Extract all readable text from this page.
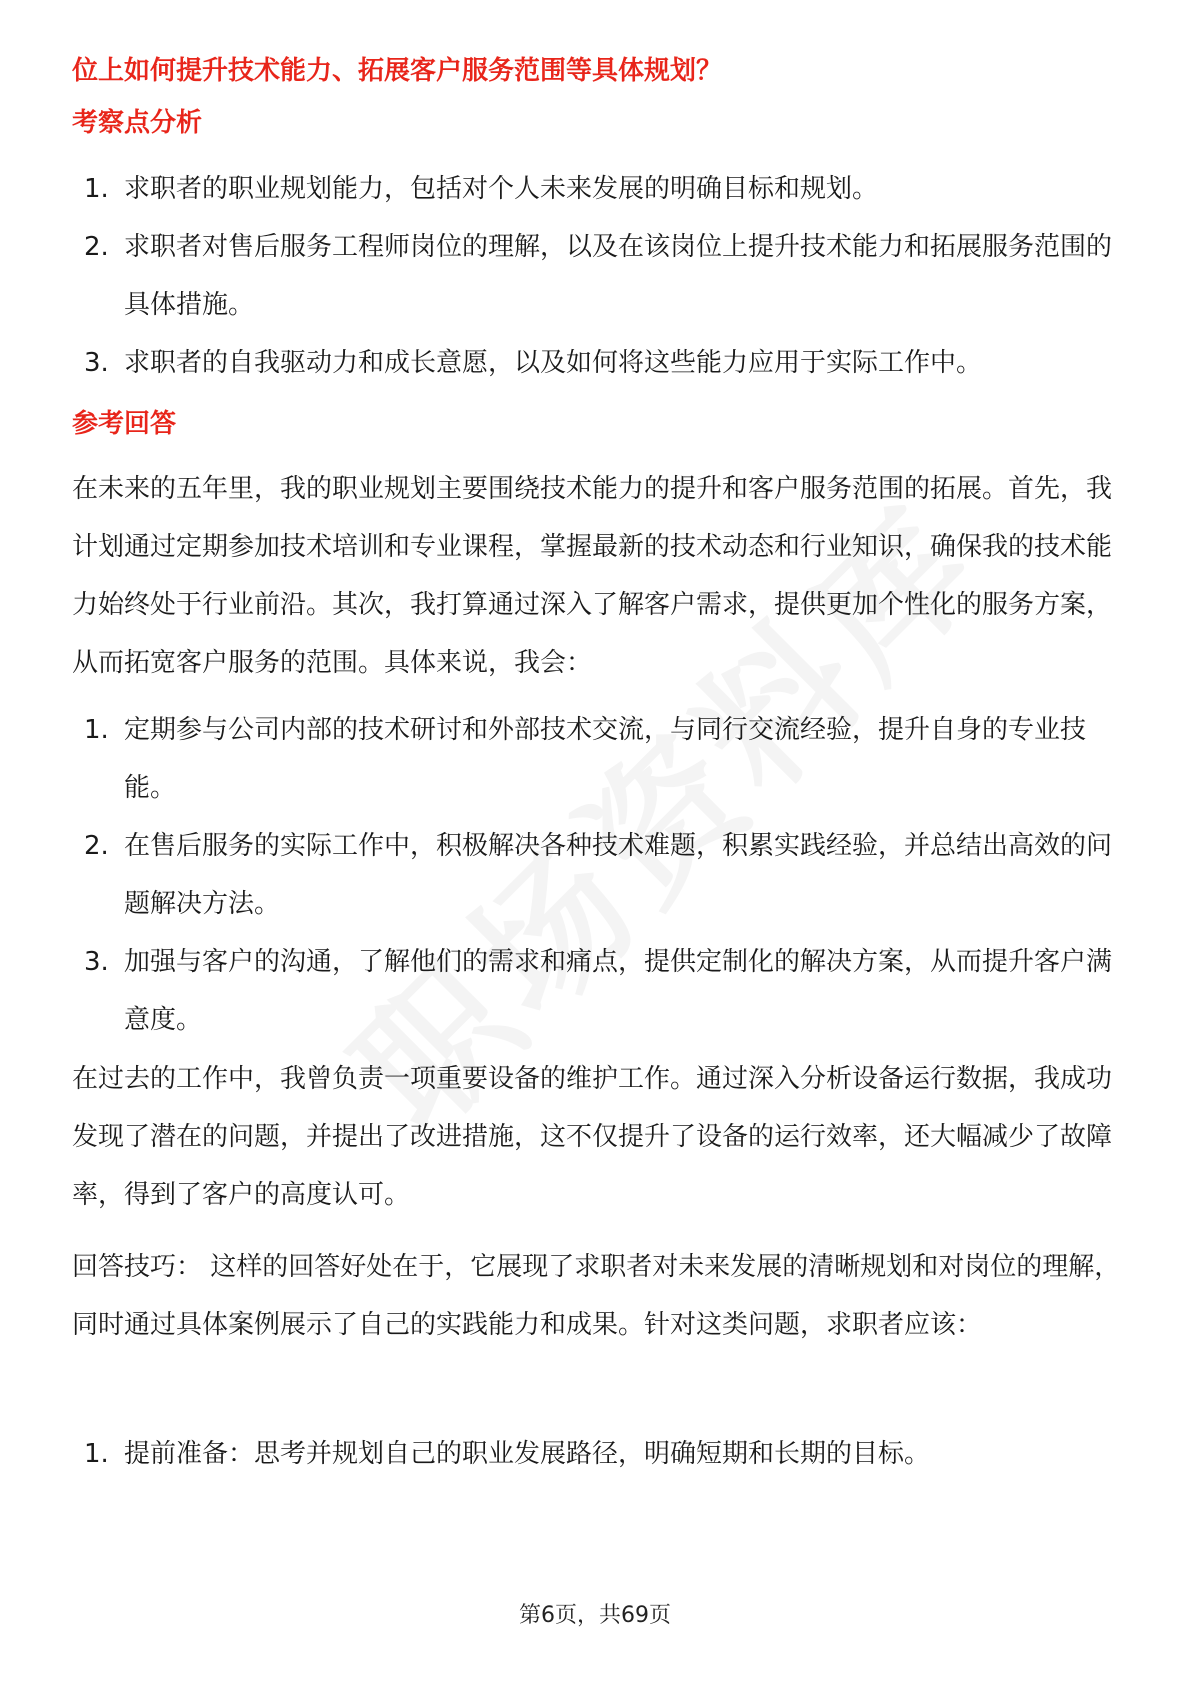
位上如何提升技术能力、拓展客户服务范围等具体规划？
考察点分析
1. 求职者的职业规划能力，包括对个人未来发展的明确目标和规划。
2. 求职者对售后服务工程师岗位的理解，以及在该岗位上提升技术能力和拓展服务范围的具体措施。
3. 求职者的自我驱动力和成长意愿，以及如何将这些能力应用于实际工作中。
参考回答
在未来的五年里，我的职业规划主要围绕技术能力的提升和客户服务范围的拓展。首先，我计划通过定期参加技术培训和专业课程，掌握最新的技术动态和行业知识，确保我的技术能力始终处于行业前沿。其次，我打算通过深入了解客户需求，提供更加个性化的服务方案，从而拓宽客户服务的范围。具体来说，我会：
1. 定期参与公司内部的技术研讨和外部技术交流，与同行交流经验，提升自身的专业技能。
2. 在售后服务的实际工作中，积极解决各种技术难题，积累实践经验，并总结出高效的问题解决方法。
3. 加强与客户的沟通，了解他们的需求和痛点，提供定制化的解决方案，从而提升客户满意度。
在过去的工作中，我曾负责一项重要设备的维护工作。通过深入分析设备运行数据，我成功发现了潜在的问题，并提出了改进措施，这不仅提升了设备的运行效率，还大幅减少了故障率，得到了客户的高度认可。
回答技巧： 这样的回答好处在于，它展现了求职者对未来发展的清晰规划和对岗位的理解，同时通过具体案例展示了自己的实践能力和成果。针对这类问题，求职者应该：
1. 提前准备：思考并规划自己的职业发展路径，明确短期和长期的目标。
第6页，共69页
